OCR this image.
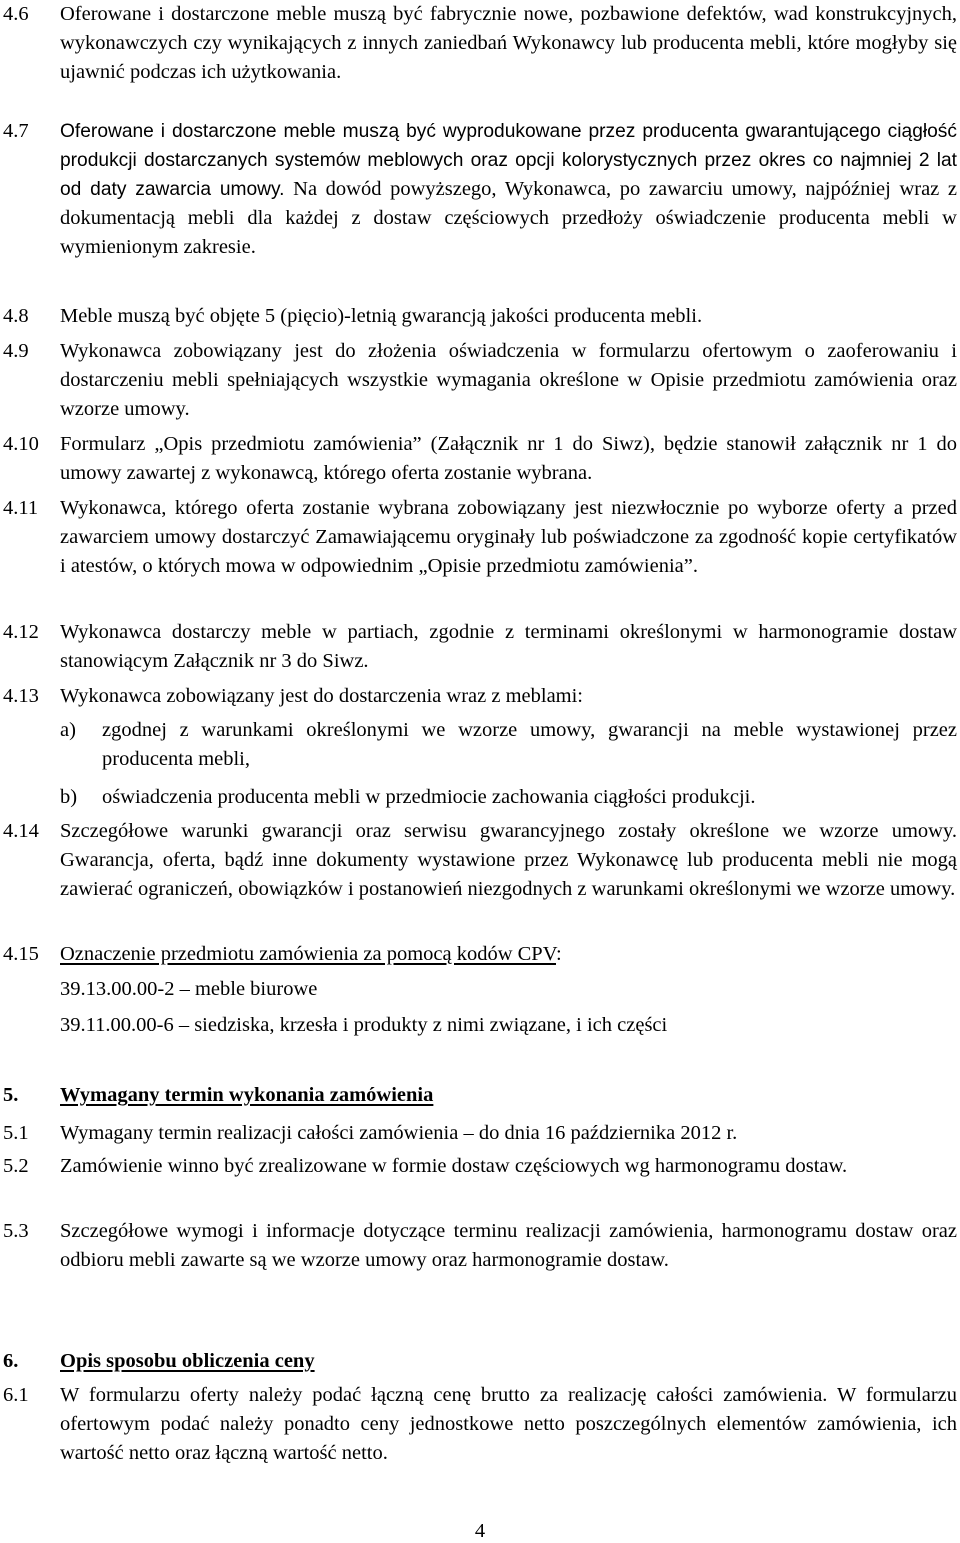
4.6 Oferowane i dostarczone meble muszą być fabrycznie nowe, pozbawione defektów, wad konstrukcyjnych, wykonawczych czy wynikających z innych zaniedbań Wykonawcy lub producenta mebli, które mogłyby się ujawnić podczas ich użytkowania.
4.7 Oferowane i dostarczone meble muszą być wyprodukowane przez producenta gwarantującego ciągłość produkcji dostarczanych systemów meblowych oraz opcji kolorystycznych przez okres co najmniej 2 lat od daty zawarcia umowy. Na dowód powyższego, Wykonawca, po zawarciu umowy, najpóźniej wraz z dokumentacją mebli dla każdej z dostaw częściowych przedłoży oświadczenie producenta mebli w wymienionym zakresie.
4.8 Meble muszą być objęte 5 (pięcio)-letnią gwarancją jakości producenta mebli.
4.9 Wykonawca zobowiązany jest do złożenia oświadczenia w formularzu ofertowym o zaoferowaniu i dostarczeniu mebli spełniających wszystkie wymagania określone w Opisie przedmiotu zamówienia oraz wzorze umowy.
4.10 Formularz „Opis przedmiotu zamówienia” (Załącznik nr 1 do Siwz), będzie stanowił załącznik nr 1 do umowy zawartej z wykonawcą, którego oferta zostanie wybrana.
4.11 Wykonawca, którego oferta zostanie wybrana zobowiązany jest niezwłocznie po wyborze oferty a przed zawarciem umowy dostarczyć Zamawiającemu oryginały lub poświadczone za zgodność kopie certyfikatów i atestów, o których mowa w odpowiednim „Opisie przedmiotu zamówienia”.
4.12 Wykonawca dostarczy meble w partiach, zgodnie z terminami określonymi w harmonogramie dostaw stanowiącym Załącznik nr 3 do Siwz.
4.13 Wykonawca zobowiązany jest do dostarczenia wraz z meblami:
a) zgodnej z warunkami określonymi we wzorze umowy, gwarancji na meble wystawionej przez producenta mebli,
b) oświadczenia producenta mebli w przedmiocie zachowania ciągłości produkcji.
4.14 Szczegółowe warunki gwarancji oraz serwisu gwarancyjnego zostały określone we wzorze umowy. Gwarancja, oferta, bądź inne dokumenty wystawione przez Wykonawcę lub producenta mebli nie mogą zawierać ograniczeń, obowiązków i postanowień niezgodnych z warunkami określonymi we wzorze umowy.
4.15 Oznaczenie przedmiotu zamówienia za pomocą kodów CPV:
39.13.00.00-2 – meble biurowe
39.11.00.00-6 – siedziska, krzesła i produkty z nimi związane, i ich części
5. Wymagany termin wykonania zamówienia
5.1 Wymagany termin realizacji całości zamówienia – do dnia 16 października 2012 r.
5.2 Zamówienie winno być zrealizowane w formie dostaw częściowych wg harmonogramu dostaw.
5.3 Szczegółowe wymogi i informacje dotyczące terminu realizacji zamówienia, harmonogramu dostaw oraz odbioru mebli zawarte są we wzorze umowy oraz harmonogramie dostaw.
6. Opis sposobu obliczenia ceny
6.1 W formularzu oferty należy podać łączną cenę brutto za realizację całości zamówienia. W formularzu ofertowym podać należy ponadto ceny jednostkowe netto poszczególnych elementów zamówienia, ich wartość netto oraz łączną wartość netto.
4
